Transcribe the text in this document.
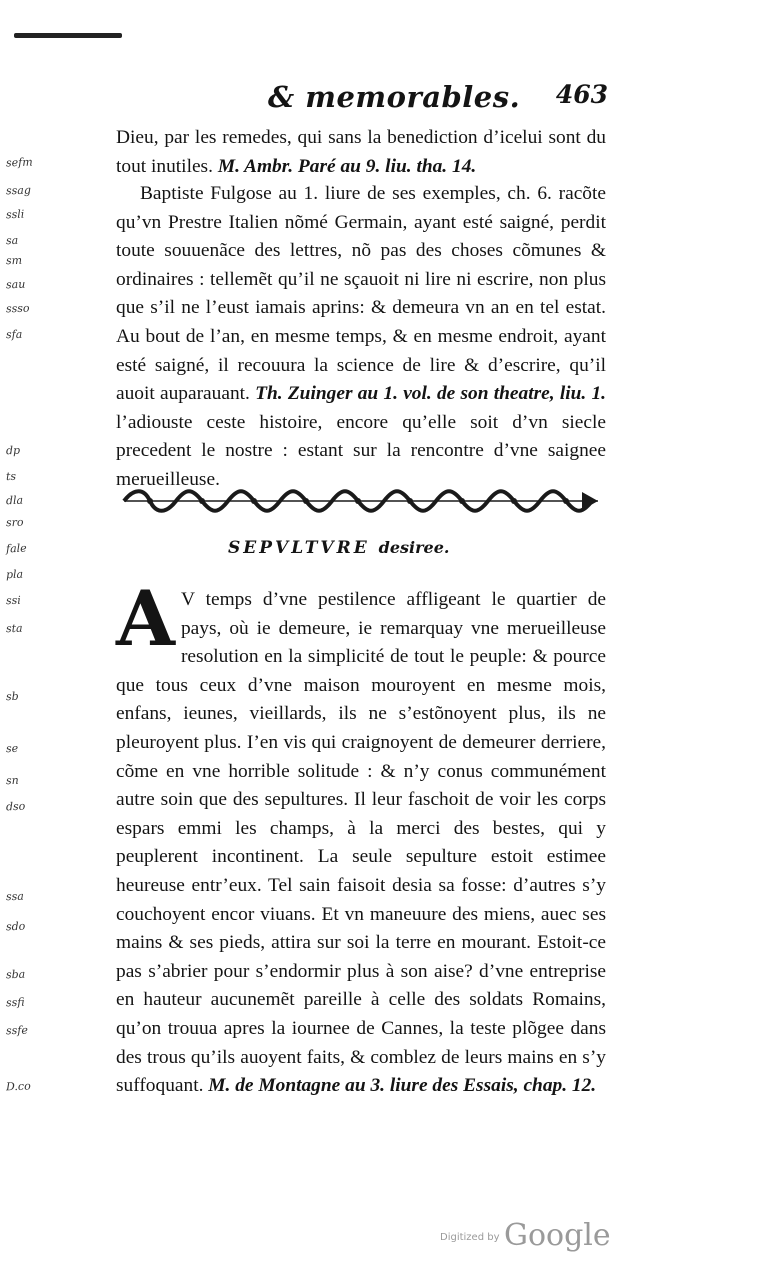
sefm
ssag
ssli
sa
sm
sau
ssso
sfa
dp
ts
dla
sro
fale
pla
ssi
sta
sb
se
sn
dso
ssa
sdo
sba
ssfi
ssfe
D.co
& memorables. 463

Dieu, par les remedes, qui sans la benediction d’icelui sont du tout inutiles. M. Ambr. Paré au 9. liu. tha. 14.

Baptiste Fulgose au 1. liure de ses exemples, ch. 6. racõte qu’vn Prestre Italien nõmé Germain, ayant esté saigné, perdit toute souuenãce des lettres, nõ pas des choses cõmunes & ordinaires : tellemẽt qu’il ne sçauoit ni lire ni escrire, non plus que s’il ne l’eust iamais aprins: & demeura vn an en tel estat. Au bout de l’an, en mesme temps, & en mesme endroit, ayant esté saigné, il recouura la science de lire & d’escrire, qu’il auoit auparauant. Th. Zuinger au 1. vol. de son theatre, liu. 1. l’adiouste ceste histoire, encore qu’elle soit d’vn siecle precedent le nostre : estant sur la rencontre d’vne saignee merueilleuse.

SEPVLTVRE desiree.

A V temps d’vne pestilence affligeant le quartier de pays, où ie demeure, ie remarquay vne merueilleuse resolution en la simplicité de tout le peuple: & pource que tous ceux d’vne maison mouroyent en mesme mois, enfans, ieunes, vieillards, ils ne s’estõnoyent plus, ils ne pleuroyent plus. I’en vis qui craignoyent de demeurer derriere, cõme en vne horrible solitude : & n’y conus communément autre soin que des sepultures. Il leur faschoit de voir les corps espars emmi les champs, à la merci des bestes, qui y peuplerent incontinent. La seule sepulture estoit estimee heureuse entr’eux. Tel sain faisoit desia sa fosse: d’autres s’y couchoyent encor viuans. Et vn maneuure des miens, auec ses mains & ses pieds, attira sur soi la terre en mourant. Estoit-ce pas s’abrier pour s’endormir plus à son aise? d’vne entreprise en hauteur aucunemẽt pareille à celle des soldats Romains, qu’on trouua apres la iournee de Cannes, la teste plõgee dans des trous qu’ils auoyent faits, & comblez de leurs mains en s’y suffoquant. M. de Montagne au 3. liure des Essais, chap. 12.

Digitized by Google
